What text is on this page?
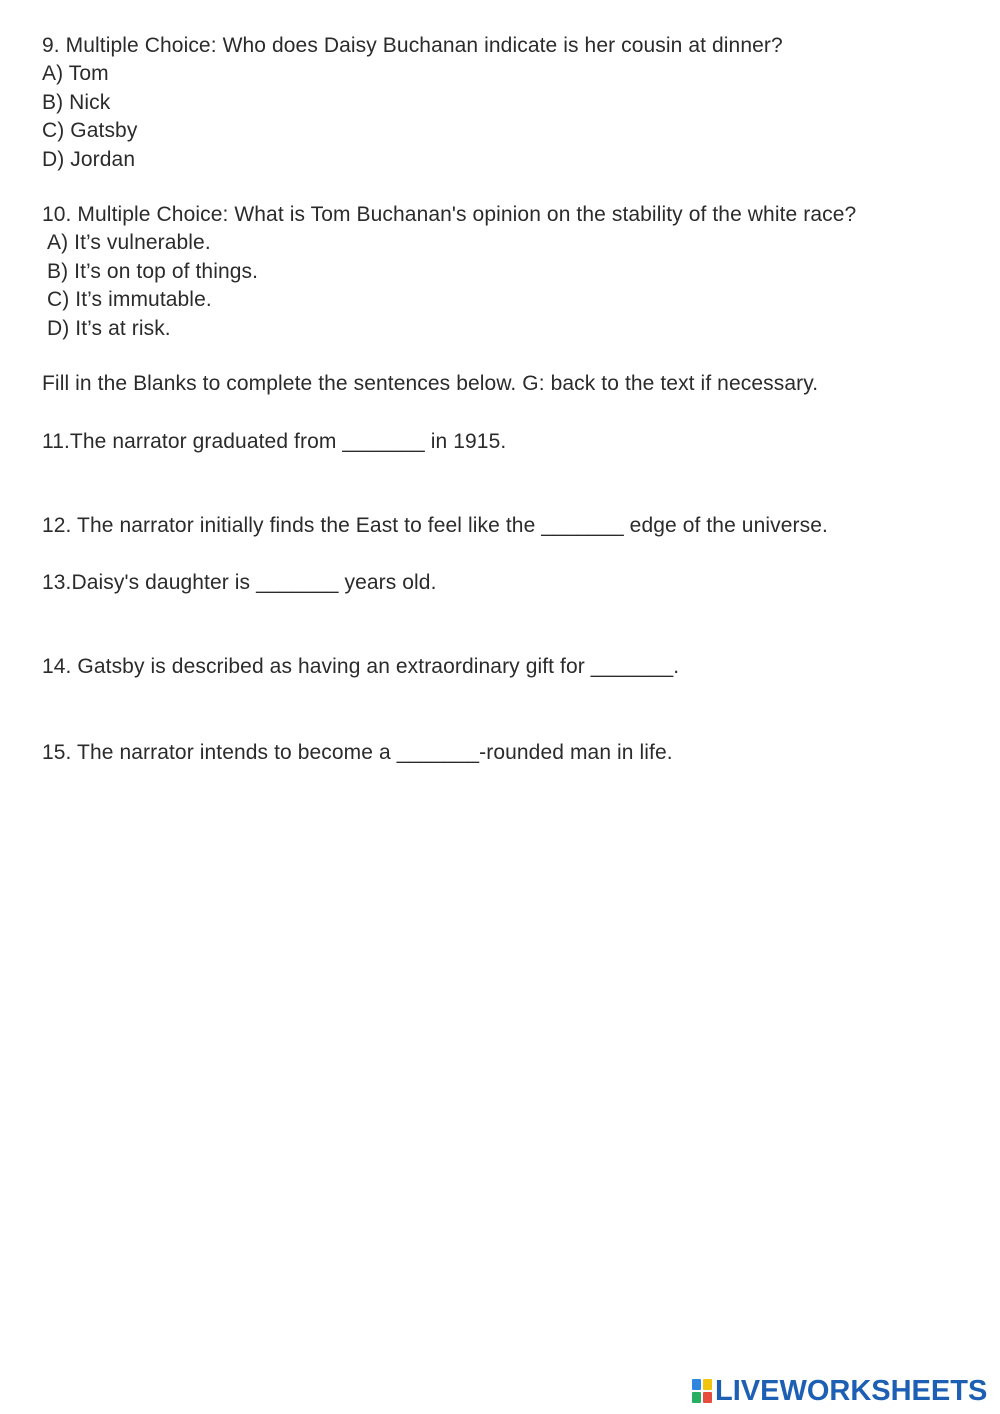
9. Multiple Choice: Who does Daisy Buchanan indicate is her cousin at dinner?
A) Tom
B) Nick
C) Gatsby
D) Jordan
10. Multiple Choice: What is Tom Buchanan's opinion on the stability of the white race?
A) It’s vulnerable.
B) It’s on top of things.
C) It’s immutable.
D) It’s at risk.
Fill in the Blanks to complete the sentences below. G: back to the text if necessary.
11.The narrator graduated from _______ in 1915.
12. The narrator initially finds the East to feel like the _______ edge of the universe.
13.Daisy's daughter is _______ years old.
14. Gatsby is described as having an extraordinary gift for _______.
15. The narrator intends to become a _______-rounded man in life.
LIVEWORKSHEETS
